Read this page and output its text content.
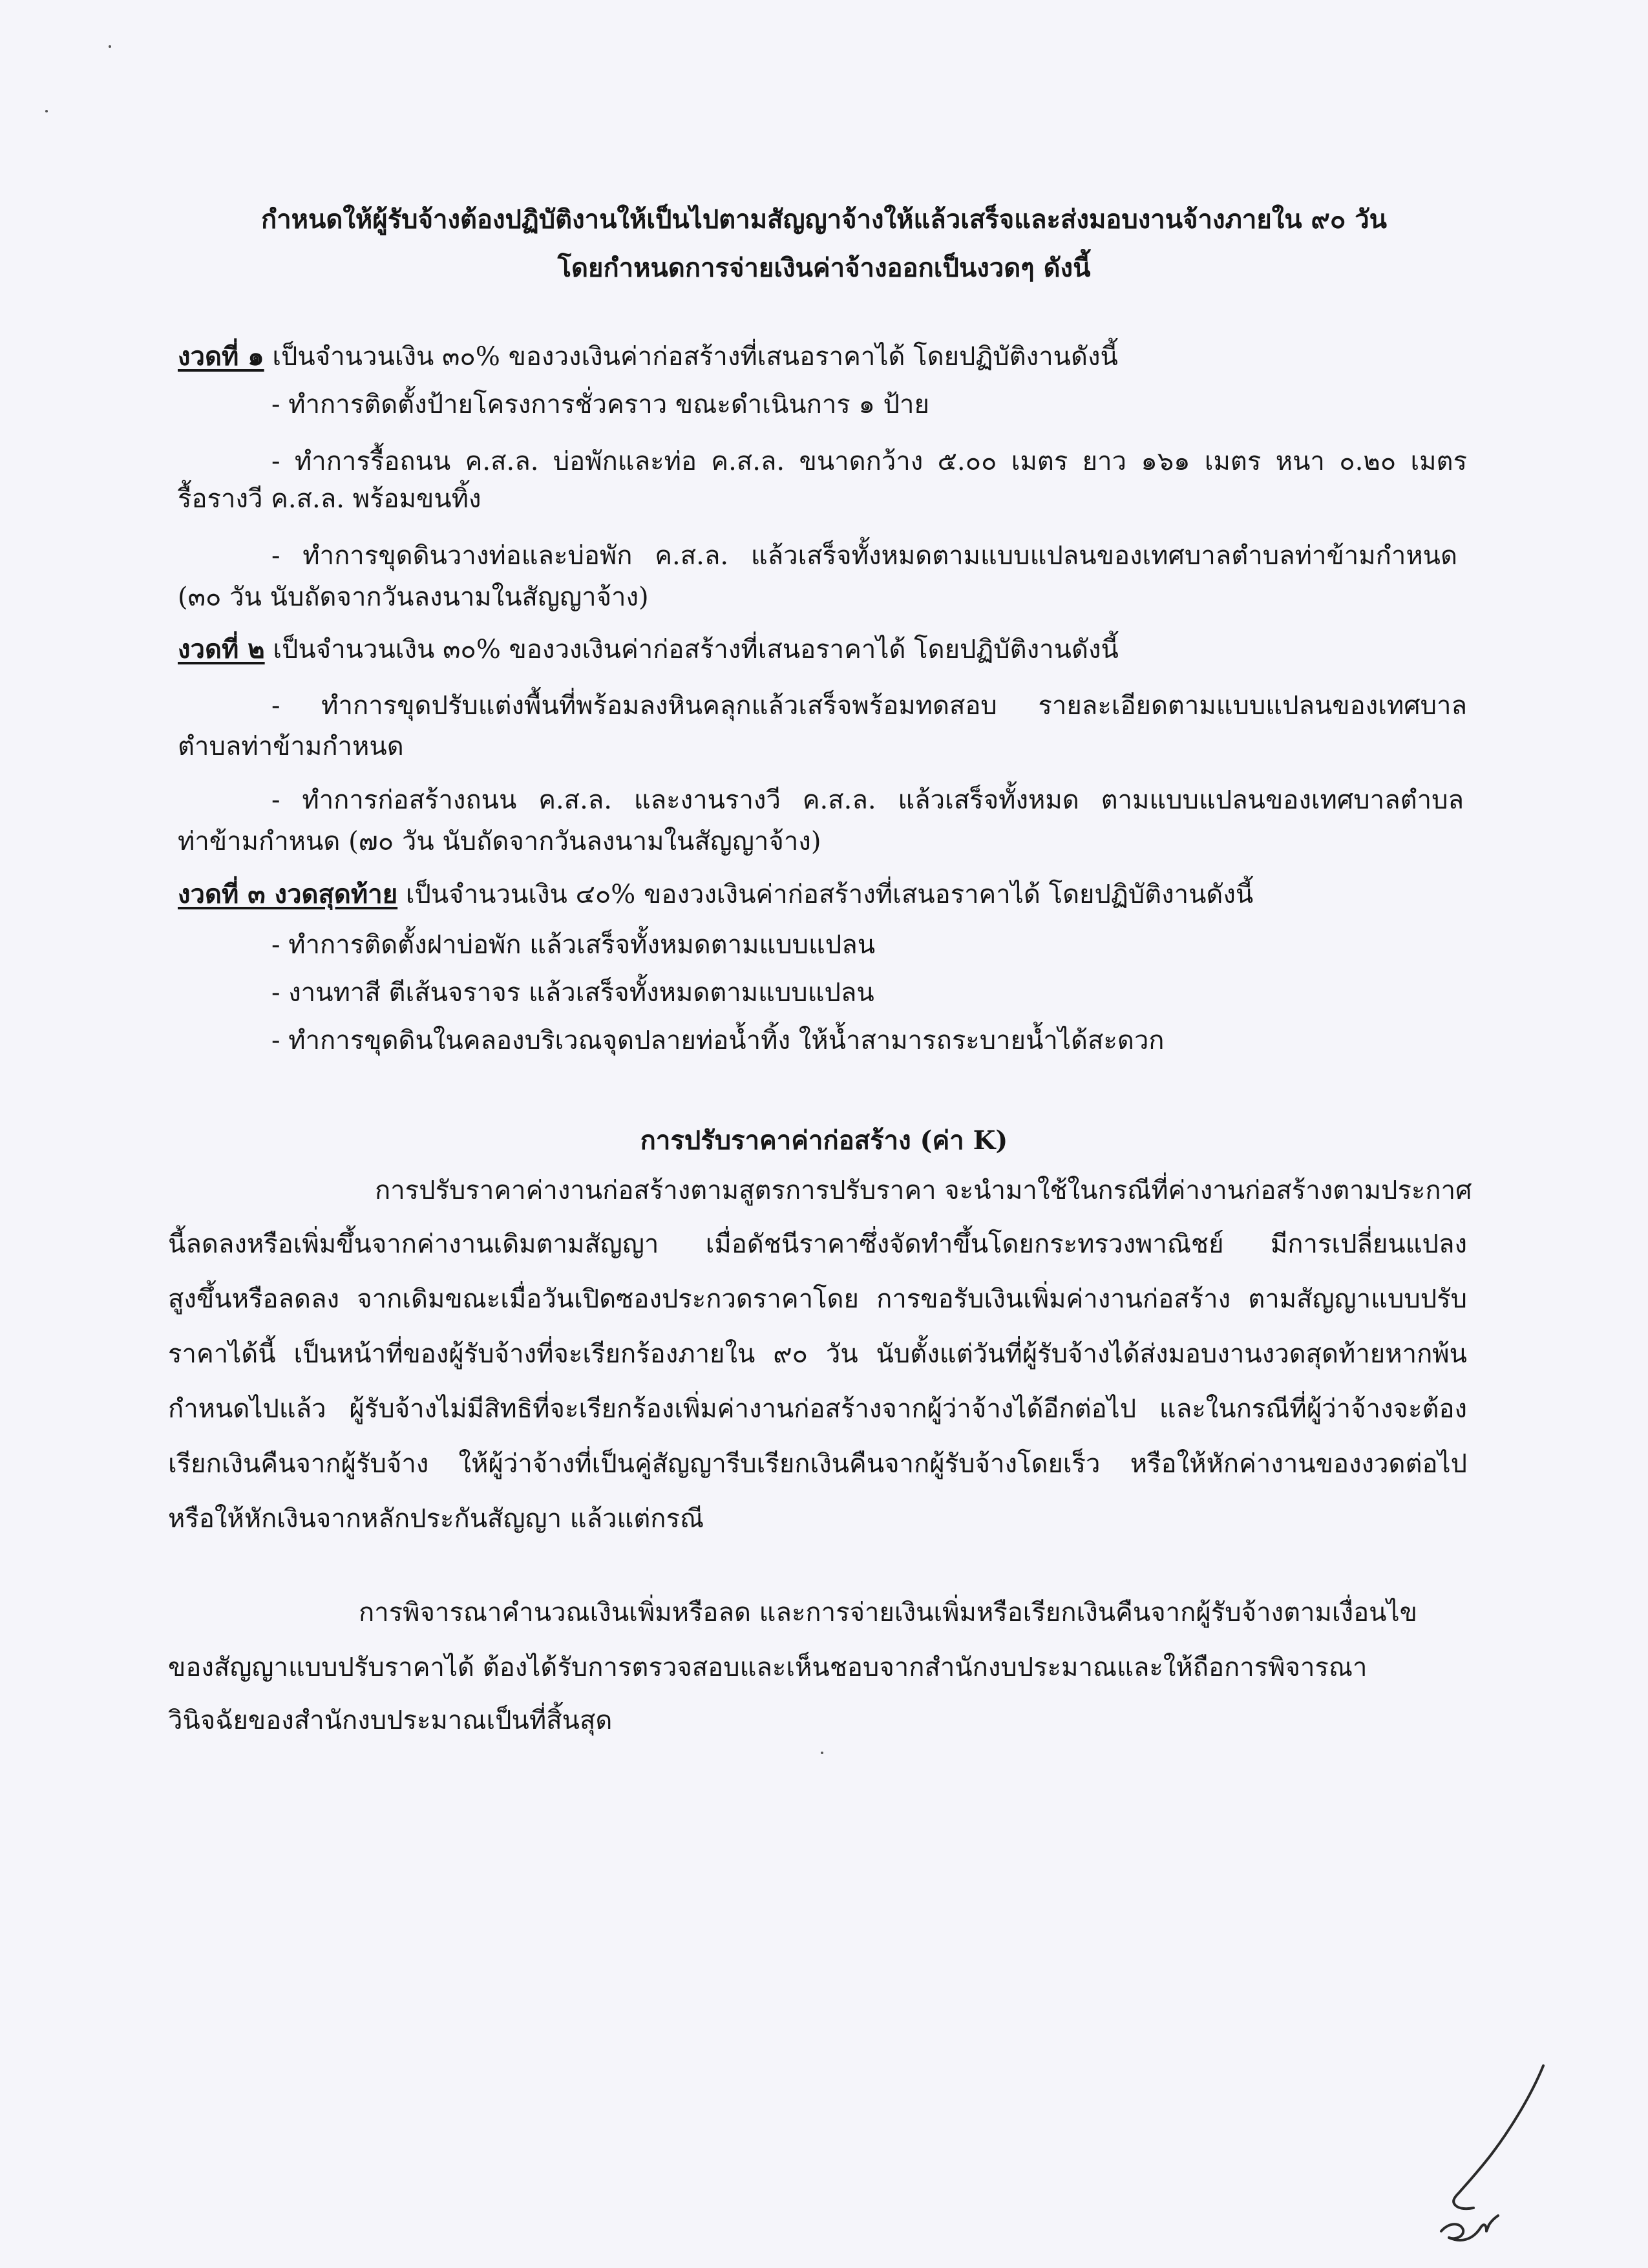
กำหนดให้ผู้รับจ้างต้องปฏิบัติงานให้เป็นไปตามสัญญาจ้างให้แล้วเสร็จและส่งมอบงานจ้างภายใน ๙๐ วัน
โดยกำหนดการจ่ายเงินค่าจ้างออกเป็นงวดๆ ดังนี้
งวดที่ ๑ เป็นจำนวนเงิน ๓๐% ของวงเงินค่าก่อสร้างที่เสนอราคาได้ โดยปฏิบัติงานดังนี้
- ทำการติดตั้งป้ายโครงการชั่วคราว ขณะดำเนินการ ๑ ป้าย
- ทำการรื้อถนน ค.ส.ล. บ่อพักและท่อ ค.ส.ล. ขนาดกว้าง ๕.๐๐ เมตร ยาว ๑๖๑ เมตร หนา ๐.๒๐ เมตร
รื้อรางวี ค.ส.ล. พร้อมขนทิ้ง
- ทำการขุดดินวางท่อและบ่อพัก ค.ส.ล. แล้วเสร็จทั้งหมดตามแบบแปลนของเทศบาลตำบลท่าข้ามกำหนด
(๓๐ วัน นับถัดจากวันลงนามในสัญญาจ้าง)
งวดที่ ๒ เป็นจำนวนเงิน ๓๐% ของวงเงินค่าก่อสร้างที่เสนอราคาได้ โดยปฏิบัติงานดังนี้
- ทำการขุดปรับแต่งพื้นที่พร้อมลงหินคลุกแล้วเสร็จพร้อมทดสอบ รายละเอียดตามแบบแปลนของเทศบาล
ตำบลท่าข้ามกำหนด
- ทำการก่อสร้างถนน ค.ส.ล. และงานรางวี ค.ส.ล. แล้วเสร็จทั้งหมด ตามแบบแปลนของเทศบาลตำบล
ท่าข้ามกำหนด (๗๐ วัน นับถัดจากวันลงนามในสัญญาจ้าง)
งวดที่ ๓ งวดสุดท้าย เป็นจำนวนเงิน ๔๐% ของวงเงินค่าก่อสร้างที่เสนอราคาได้ โดยปฏิบัติงานดังนี้
- ทำการติดตั้งฝาบ่อพัก แล้วเสร็จทั้งหมดตามแบบแปลน
- งานทาสี ตีเส้นจราจร แล้วเสร็จทั้งหมดตามแบบแปลน
- ทำการขุดดินในคลองบริเวณจุดปลายท่อน้ำทิ้ง ให้น้ำสามารถระบายน้ำได้สะดวก
การปรับราคาค่าก่อสร้าง (ค่า K)
การปรับราคาค่างานก่อสร้างตามสูตรการปรับราคา จะนำมาใช้ในกรณีที่ค่างานก่อสร้างตามประกาศ
นี้ลดลงหรือเพิ่มขึ้นจากค่างานเดิมตามสัญญา เมื่อดัชนีราคาซึ่งจัดทำขึ้นโดยกระทรวงพาณิชย์ มีการเปลี่ยนแปลง
สูงขึ้นหรือลดลง จากเดิมขณะเมื่อวันเปิดซองประกวดราคาโดย การขอรับเงินเพิ่มค่างานก่อสร้าง ตามสัญญาแบบปรับ
ราคาได้นี้ เป็นหน้าที่ของผู้รับจ้างที่จะเรียกร้องภายใน ๙๐ วัน นับตั้งแต่วันที่ผู้รับจ้างได้ส่งมอบงานงวดสุดท้ายหากพ้น
กำหนดไปแล้ว ผู้รับจ้างไม่มีสิทธิที่จะเรียกร้องเพิ่มค่างานก่อสร้างจากผู้ว่าจ้างได้อีกต่อไป และในกรณีที่ผู้ว่าจ้างจะต้อง
เรียกเงินคืนจากผู้รับจ้าง ให้ผู้ว่าจ้างที่เป็นคู่สัญญารีบเรียกเงินคืนจากผู้รับจ้างโดยเร็ว หรือให้หักค่างานของงวดต่อไป
หรือให้หักเงินจากหลักประกันสัญญา แล้วแต่กรณี
การพิจารณาคำนวณเงินเพิ่มหรือลด และการจ่ายเงินเพิ่มหรือเรียกเงินคืนจากผู้รับจ้างตามเงื่อนไข
ของสัญญาแบบปรับราคาได้ ต้องได้รับการตรวจสอบและเห็นชอบจากสำนักงบประมาณและให้ถือการพิจารณา
วินิจฉัยของสำนักงบประมาณเป็นที่สิ้นสุด
